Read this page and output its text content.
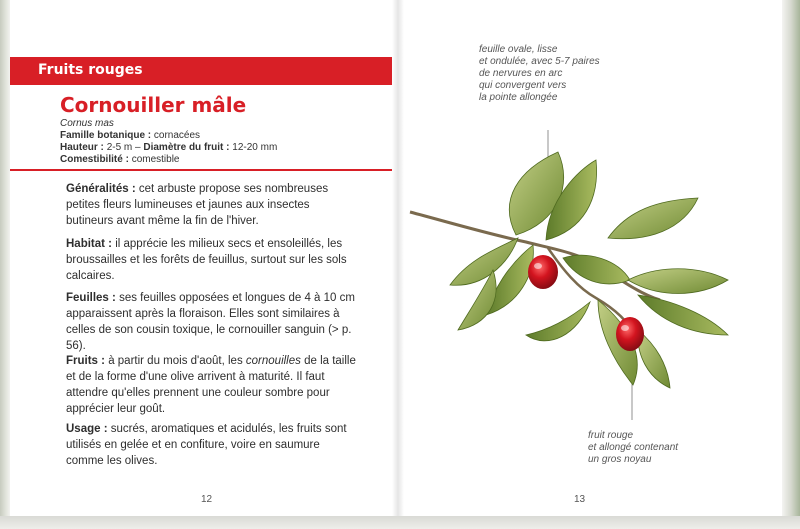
Fruits rouges
Cornouiller mâle
Cornus mas
Famille botanique : cornacées
Hauteur : 2-5 m – Diamètre du fruit : 12-20 mm
Comestibilité : comestible
Généralités : cet arbuste propose ses nombreuses petites fleurs lumineuses et jaunes aux insectes butineurs avant même la fin de l'hiver.
Habitat : il apprécie les milieux secs et ensoleillés, les broussailles et les forêts de feuillus, surtout sur les sols calcaires.
Feuilles : ses feuilles opposées et longues de 4 à 10 cm apparaissent après la floraison. Elles sont similaires à celles de son cousin toxique, le cornouiller sanguin (> p. 56).
Fruits : à partir du mois d'août, les cornouilles de la taille et de la forme d'une olive arrivent à maturité. Il faut attendre qu'elles prennent une couleur sombre pour apprécier leur goût.
Usage : sucrés, aromatiques et acidulés, les fruits sont utilisés en gelée et en confiture, voire en saumure comme les olives.
12	13
feuille ovale, lisse
et ondulée, avec 5-7 paires
de nervures en arc
qui convergent vers
la pointe allongée
fruit rouge
et allongé contenant
un gros noyau
